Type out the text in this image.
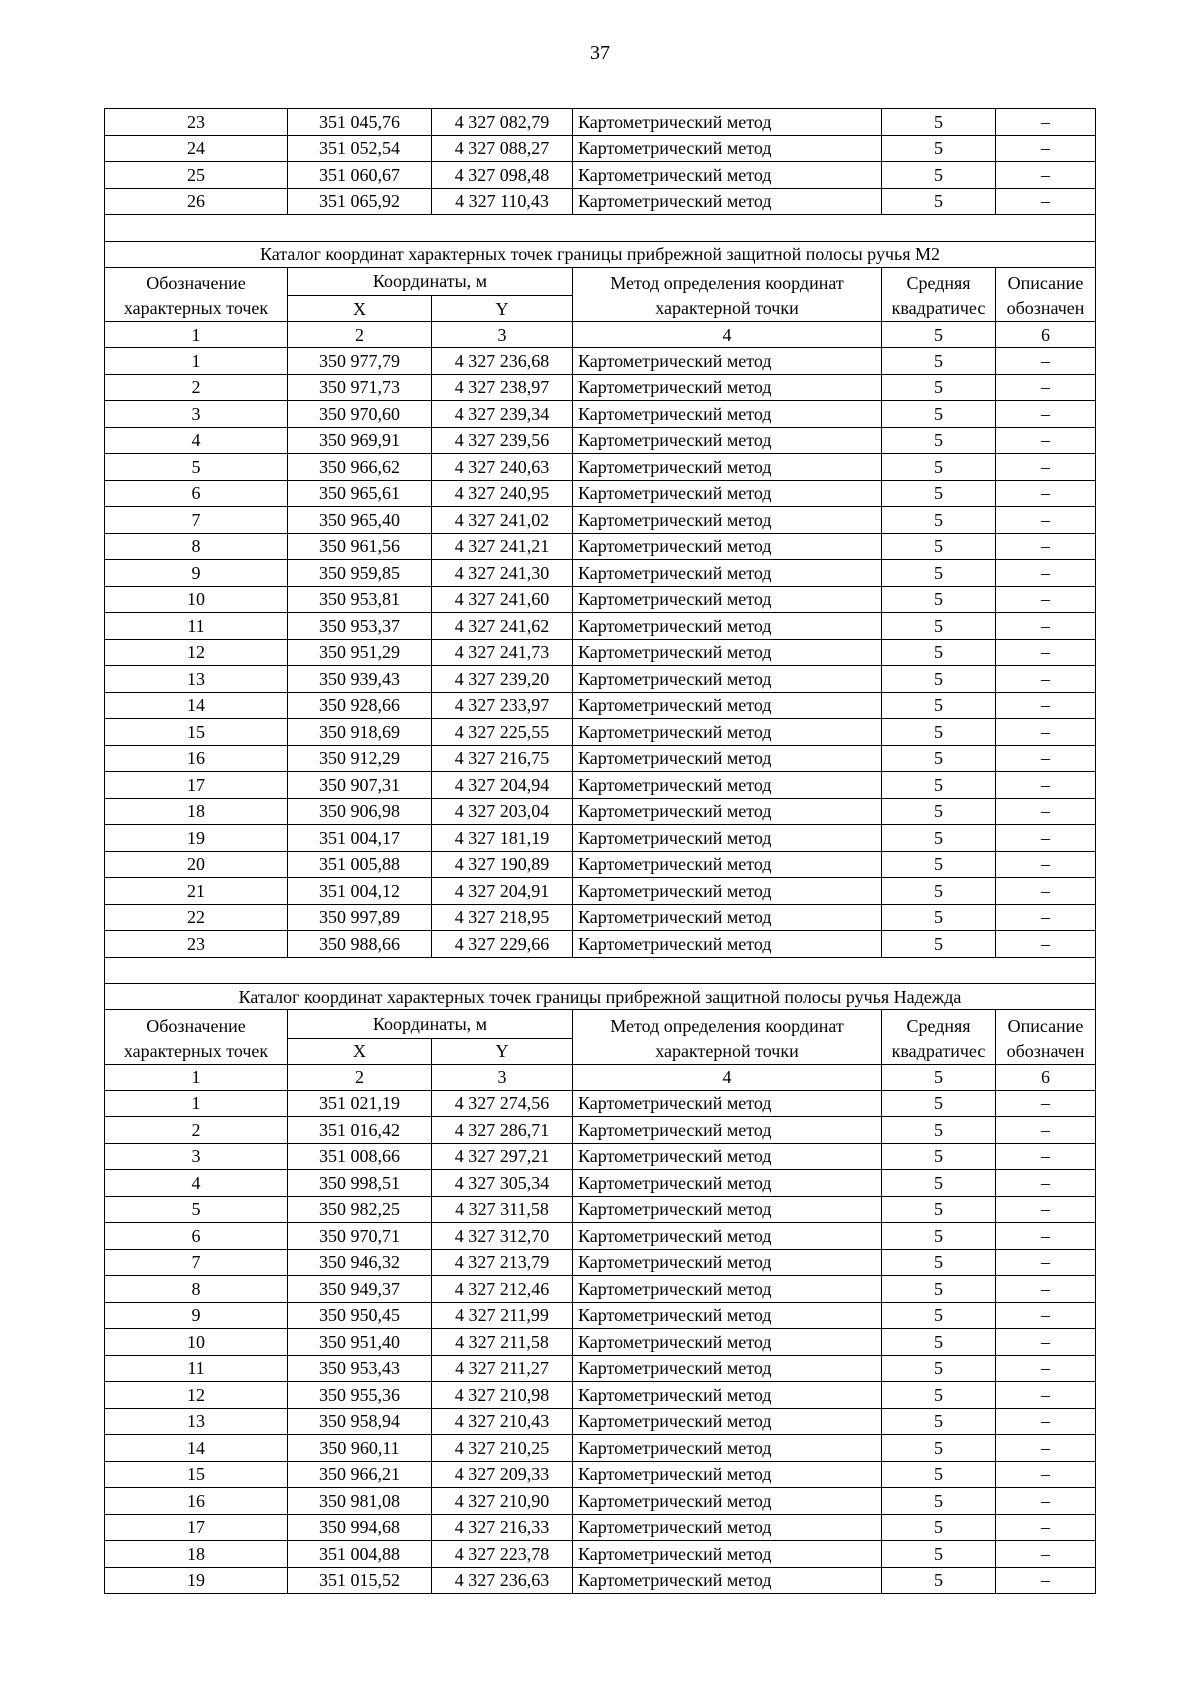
37
23	351 045,76	4 327 082,79	Картометрический метод	5	–
24	351 052,54	4 327 088,27	Картометрический метод	5	–
25	351 060,67	4 327 098,48	Картометрический метод	5	–
26	351 065,92	4 327 110,43	Картометрический метод	5	–

Каталог координат характерных точек границы прибрежной защитной полосы ручья М2					
Обозначение	Координаты, м		Метод определения координат	Средняя	Описание
характерных точек	X	Y	характерной точки	квадратичес	обозначен
1	2	3	4	5	6
1	350 977,79	4 327 236,68	Картометрический метод	5	–
2	350 971,73	4 327 238,97	Картометрический метод	5	–
3	350 970,60	4 327 239,34	Картометрический метод	5	–
4	350 969,91	4 327 239,56	Картометрический метод	5	–
5	350 966,62	4 327 240,63	Картометрический метод	5	–
6	350 965,61	4 327 240,95	Картометрический метод	5	–
7	350 965,40	4 327 241,02	Картометрический метод	5	–
8	350 961,56	4 327 241,21	Картометрический метод	5	–
9	350 959,85	4 327 241,30	Картометрический метод	5	–
10	350 953,81	4 327 241,60	Картометрический метод	5	–
11	350 953,37	4 327 241,62	Картометрический метод	5	–
12	350 951,29	4 327 241,73	Картометрический метод	5	–
13	350 939,43	4 327 239,20	Картометрический метод	5	–
14	350 928,66	4 327 233,97	Картометрический метод	5	–
15	350 918,69	4 327 225,55	Картометрический метод	5	–
16	350 912,29	4 327 216,75	Картометрический метод	5	–
17	350 907,31	4 327 204,94	Картометрический метод	5	–
18	350 906,98	4 327 203,04	Картометрический метод	5	–
19	351 004,17	4 327 181,19	Картометрический метод	5	–
20	351 005,88	4 327 190,89	Картометрический метод	5	–
21	351 004,12	4 327 204,91	Картометрический метод	5	–
22	350 997,89	4 327 218,95	Картометрический метод	5	–
23	350 988,66	4 327 229,66	Картометрический метод	5	–

Каталог координат характерных точек границы прибрежной защитной полосы ручья Надежда					
Обозначение	Координаты, м		Метод определения координат	Средняя	Описание
характерных точек	X	Y	характерной точки	квадратичес	обозначен
1	2	3	4	5	6
1	351 021,19	4 327 274,56	Картометрический метод	5	–
2	351 016,42	4 327 286,71	Картометрический метод	5	–
3	351 008,66	4 327 297,21	Картометрический метод	5	–
4	350 998,51	4 327 305,34	Картометрический метод	5	–
5	350 982,25	4 327 311,58	Картометрический метод	5	–
6	350 970,71	4 327 312,70	Картометрический метод	5	–
7	350 946,32	4 327 213,79	Картометрический метод	5	–
8	350 949,37	4 327 212,46	Картометрический метод	5	–
9	350 950,45	4 327 211,99	Картометрический метод	5	–
10	350 951,40	4 327 211,58	Картометрический метод	5	–
11	350 953,43	4 327 211,27	Картометрический метод	5	–
12	350 955,36	4 327 210,98	Картометрический метод	5	–
13	350 958,94	4 327 210,43	Картометрический метод	5	–
14	350 960,11	4 327 210,25	Картометрический метод	5	–
15	350 966,21	4 327 209,33	Картометрический метод	5	–
16	350 981,08	4 327 210,90	Картометрический метод	5	–
17	350 994,68	4 327 216,33	Картометрический метод	5	–
18	351 004,88	4 327 223,78	Картометрический метод	5	–
19	351 015,52	4 327 236,63	Картометрический метод	5	–
